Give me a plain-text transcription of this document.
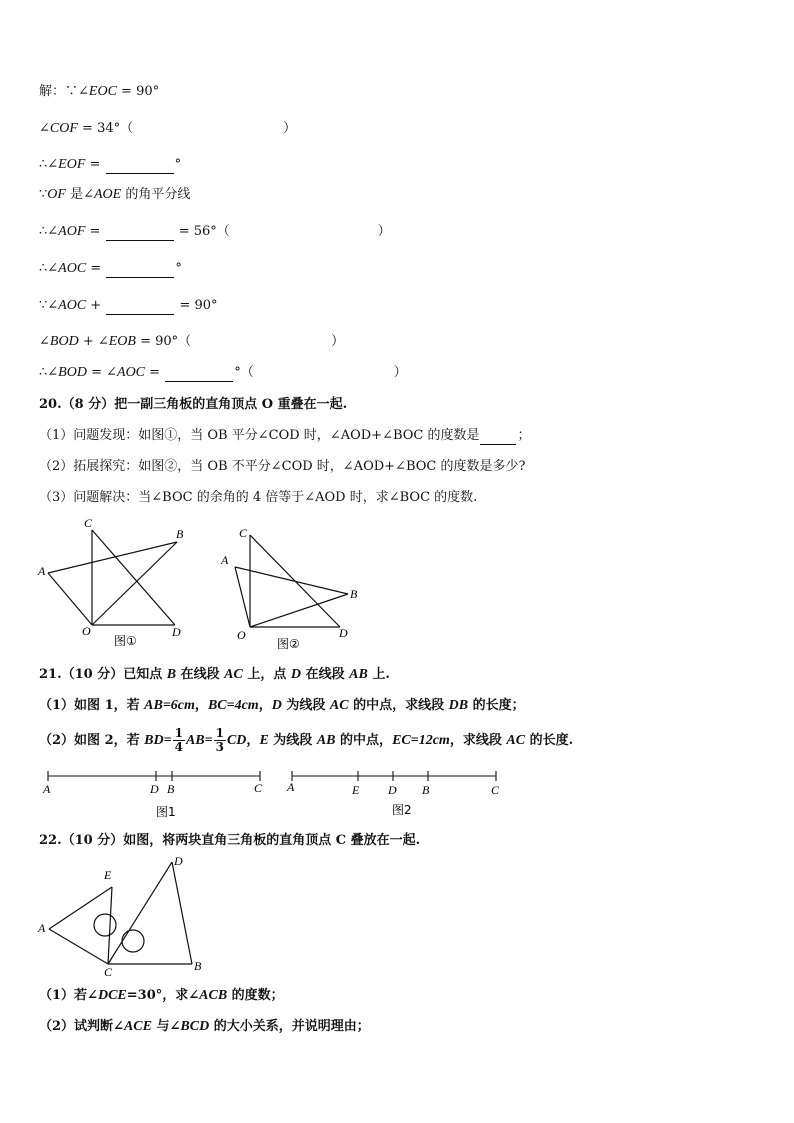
解：∵∠EOC = 90°
∠COF = 34°（	）
∴∠EOF =	°
∵OF 是∠AOE 的角平分线
∴∠AOF =	= 56°（	）
∴∠AOC =	°
∵∠AOC +	= 90°
∠BOD + ∠EOB = 90°（	）
∴∠BOD = ∠AOC =	°（	）
20.（8 分）把一副三角板的直角顶点 O 重叠在一起.
（1）问题发现：如图①，当 OB 平分∠COD 时，∠AOD+∠BOC 的度数是	；
（2）拓展探究：如图②，当 OB 不平分∠COD 时，∠AOD+∠BOC 的度数是多少?
（3）问题解决：当∠BOC 的余角的 4 倍等于∠AOD 时，求∠BOC 的度数.
C
B
A
O	D
图①
C
A
B
O	D
图②
21.（10 分）已知点 B 在线段 AC 上，点 D 在线段 AB 上.
（1）如图 1，若 AB=6cm，BC=4cm，D 为线段 AC 的中点，求线段 DB 的长度；
（2）如图 2，若 $BD= \frac{1}{4} AB= \frac{1}{3}$ CD，E 为线段 AB 的中点，EC=12cm，求线段 AC 的长度.
A	D B	C
图1
A	E D B	C
图2
22.（10 分）如图，将两块直角三角板的直角顶点 C 叠放在一起.
E
D
A
C	B
（1）若∠DCE=30°，求∠ACB 的度数；
（2）试判断∠ACE 与∠BCD 的大小关系，并说明理由；
